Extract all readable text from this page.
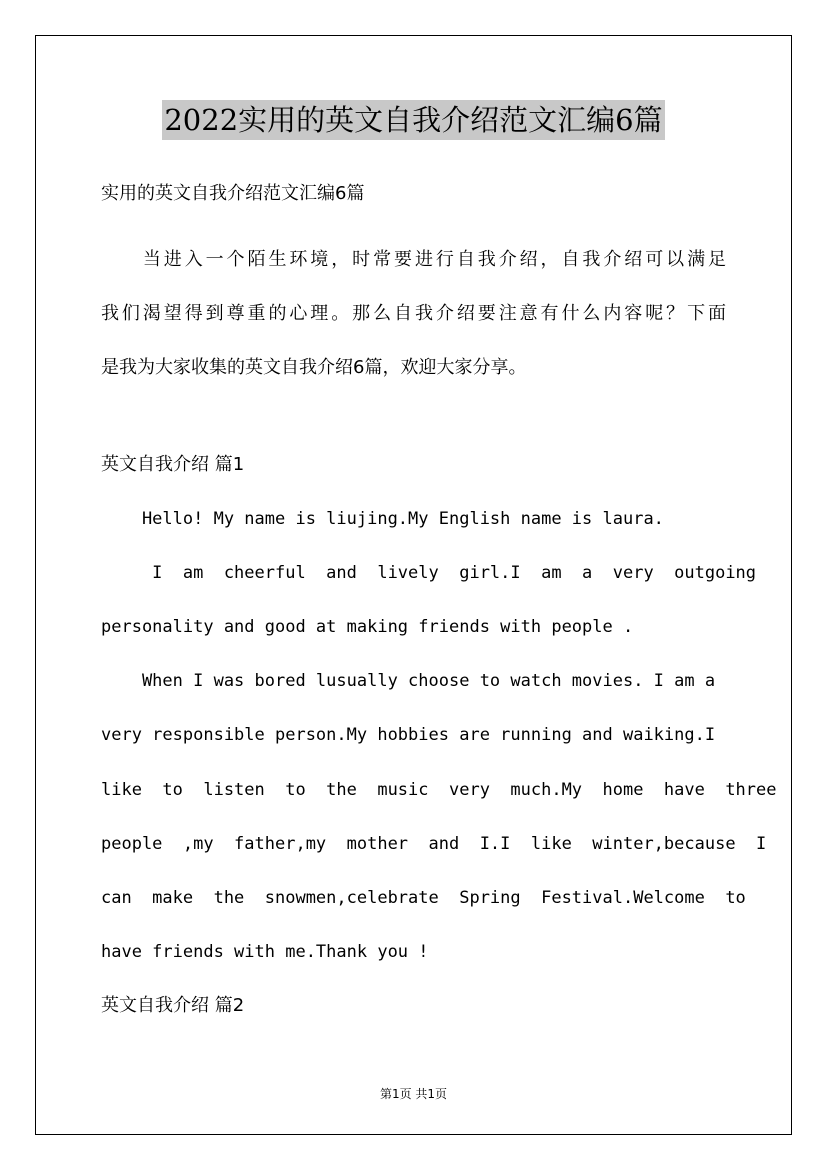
2022实用的英文自我介绍范文汇编6篇
实用的英文自我介绍范文汇编6篇
　　当进入一个陌生环境，时常要进行自我介绍，自我介绍可以满足
我们渴望得到尊重的心理。那么自我介绍要注意有什么内容呢？下面
是我为大家收集的英文自我介绍6篇，欢迎大家分享。
英文自我介绍 篇1
Hello! My name is liujing.My English name is laura.
I  am  cheerful  and  lively  girl.I  am  a  very  outgoing
personality and good at making friends with people .
When I was bored lusually choose to watch movies. I am a
very responsible person.My hobbies are running and waiking.I
like  to  listen  to  the  music  very  much.My  home  have  three
people  ,my  father,my  mother  and  I.I  like  winter,because  I
can  make  the  snowmen,celebrate  Spring  Festival.Welcome  to
have friends with me.Thank you !
英文自我介绍 篇2
第1页 共1页
